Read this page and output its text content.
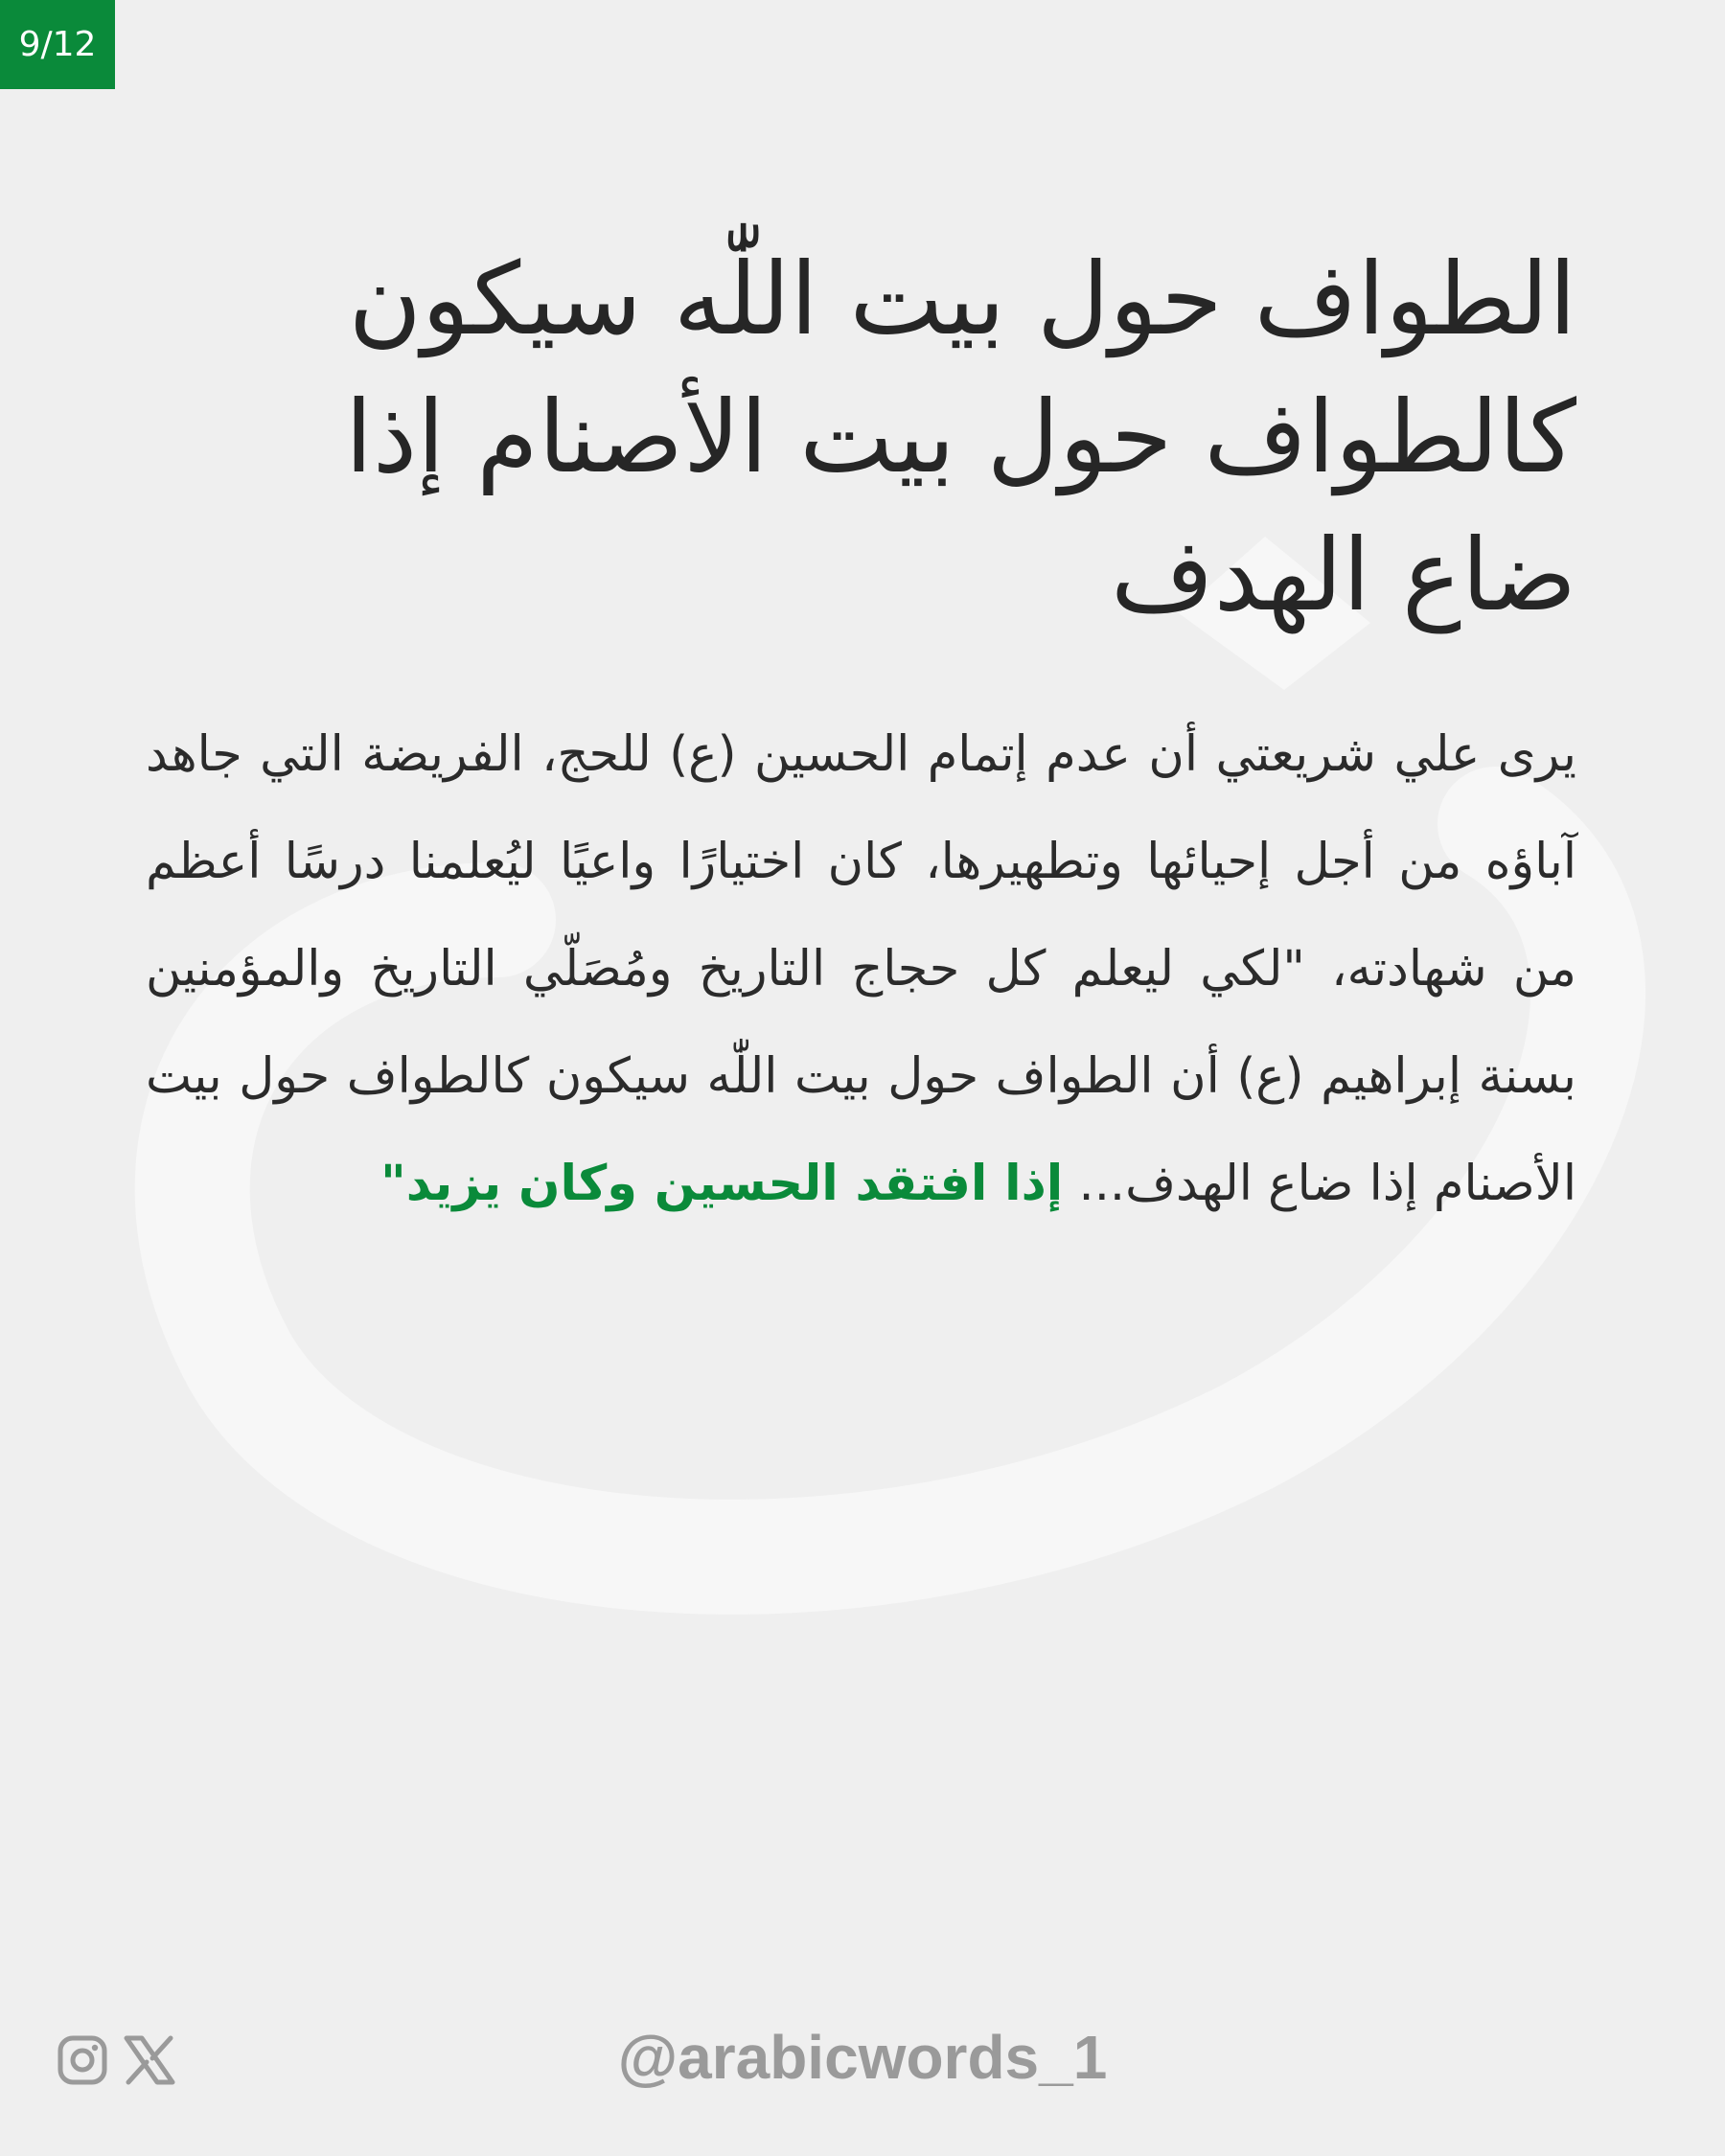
9/12
الطواف حول بيت اللّٰه سيكون كالطواف حول بيت الأصنام إذا ضاع الهدف

يرى علي شريعتي أن عدم إتمام الحسين (ع) للحج، الفريضة التي جاهد آباؤه من أجل إحيائها وتطهيرها، كان اختيارًا واعيًا ليُعلمنا درسًا أعظم من شهادته، "لكي ليعلم كل حجاج التاريخ ومُصَلّي التاريخ والمؤمنين بسنة إبراهيم (ع) أن الطواف حول بيت اللّٰه سيكون كالطواف حول بيت الأصنام إذا ضاع الهدف... إذا افتقد الحسين وكان يزيد"

@arabicwords_1
